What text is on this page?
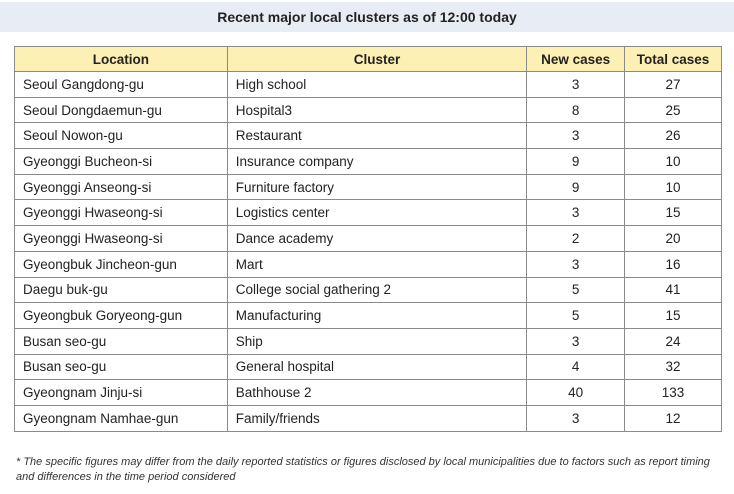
Recent major local clusters as of 12:00 today
Location	Cluster	New cases	Total cases
Seoul Gangdong-gu	High school	3	27
Seoul Dongdaemun-gu	Hospital3	8	25
Seoul Nowon-gu	Restaurant	3	26
Gyeonggi Bucheon-si	Insurance company	9	10
Gyeonggi Anseong-si	Furniture factory	9	10
Gyeonggi Hwaseong-si	Logistics center	3	15
Gyeonggi Hwaseong-si	Dance academy	2	20
Gyeongbuk Jincheon-gun	Mart	3	16
Daegu buk-gu	College social gathering 2	5	41
Gyeongbuk Goryeong-gun	Manufacturing	5	15
Busan seo-gu	Ship	3	24
Busan seo-gu	General hospital	4	32
Gyeongnam Jinju-si	Bathhouse 2	40	133
Gyeongnam Namhae-gun	Family/friends	3	12
* The specific figures may differ from the daily reported statistics or figures disclosed by local municipalities due to factors such as report timing and differences in the time period considered
